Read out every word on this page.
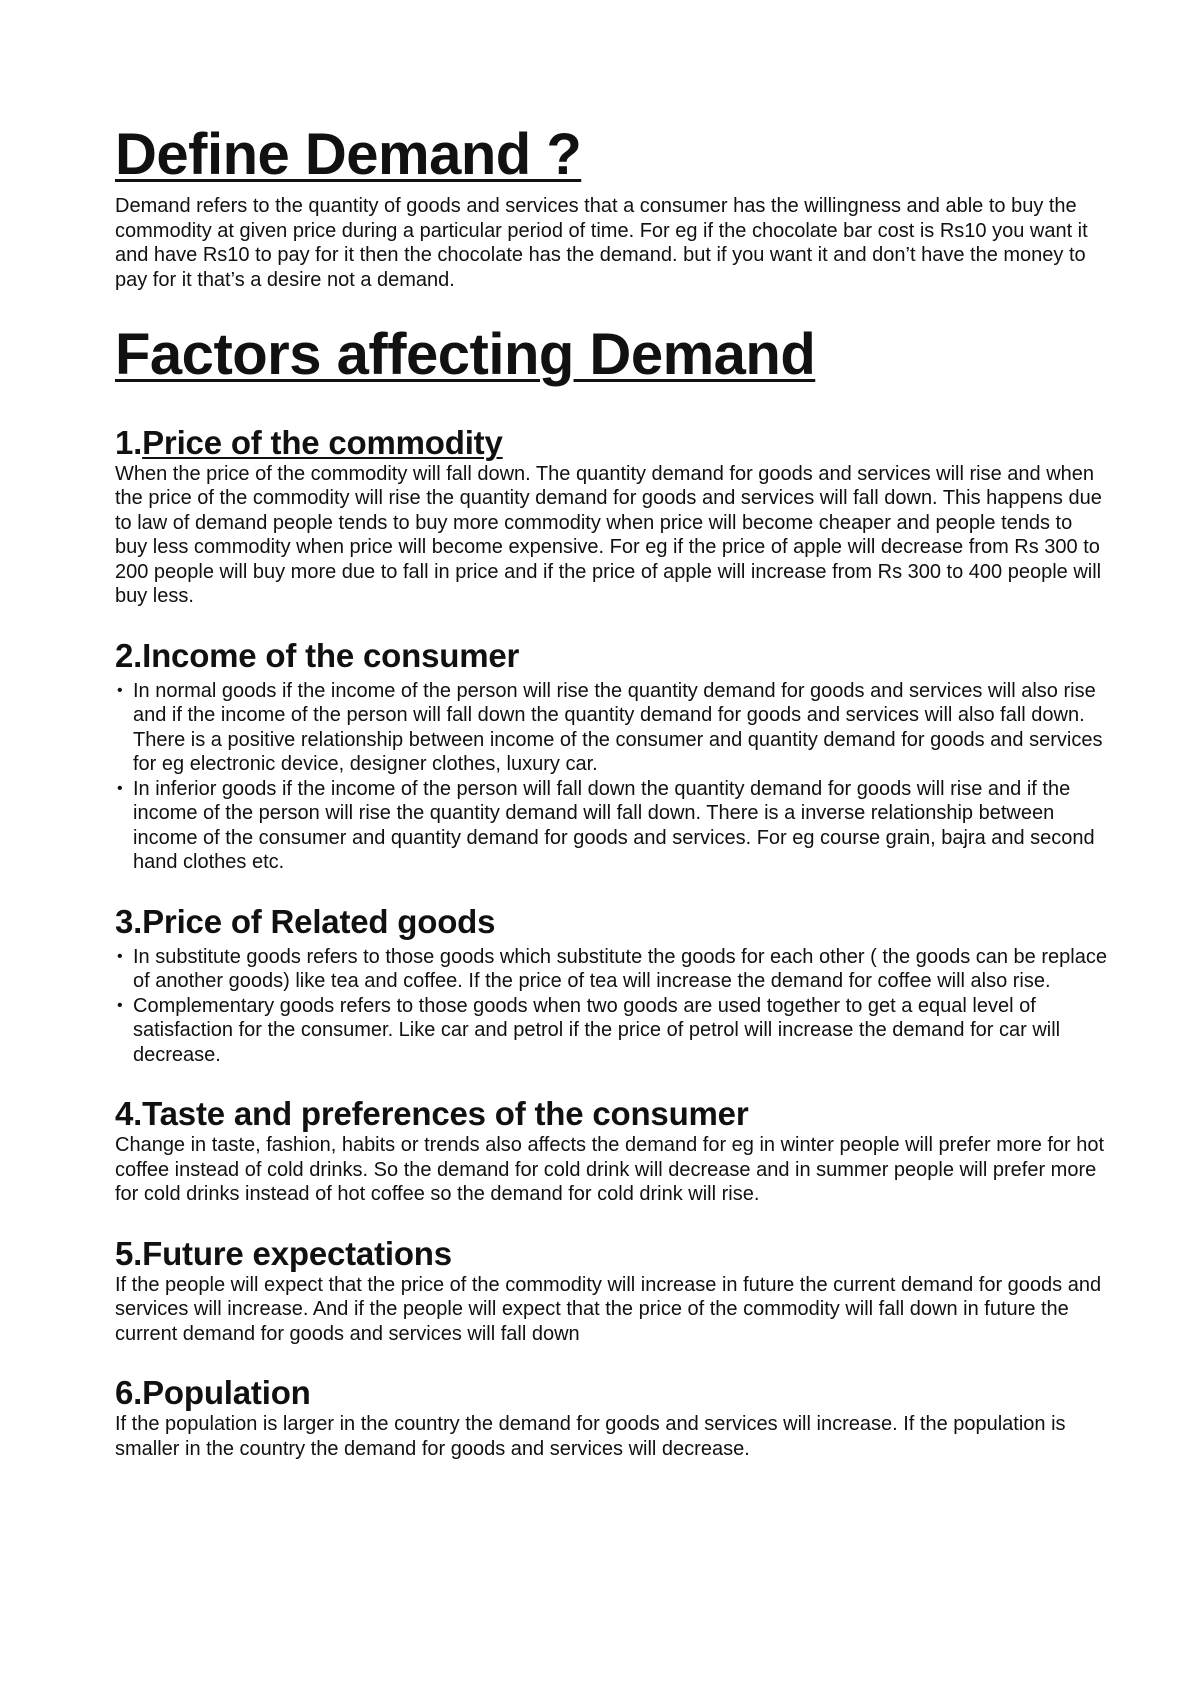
Define Demand ?

Demand refers to the quantity of goods and services that a consumer has the willingness and able to buy the commodity at given price during a particular period of time. For eg if the chocolate bar cost is Rs10 you want it and have Rs10 to pay for it then the chocolate has the demand. but if you want it and don’t have the money to pay for it that’s a desire not a demand.

Factors affecting Demand
1.Price of the commodity

When the price of the commodity will fall down. The quantity demand for goods and services will rise and when the price of the commodity will rise the quantity demand for goods and services will fall down. This happens due to law of demand people tends to buy more commodity when price will become cheaper and people tends to buy less commodity when price will become expensive. For eg if the price of apple will decrease from Rs 300 to 200 people will buy more due to fall in price and if the price of apple will increase from Rs 300 to 400 people will buy less.

2.Income of the consumer
• In normal goods if the income of the person will rise the quantity demand for goods and services will also rise and if the income of the person will fall down the quantity demand for goods and services will also fall down. There is a positive relationship between income of the consumer and quantity demand for goods and services for eg electronic device, designer clothes, luxury car.
• In inferior goods if the income of the person will fall down the quantity demand for goods will rise and if the income of the person will rise the quantity demand will fall down. There is a inverse relationship between income of the consumer and quantity demand for goods and services. For eg course grain, bajra and second hand clothes etc.
3.Price of Related goods
• In substitute goods refers to those goods which substitute the goods for each other ( the goods can be replace of another goods) like tea and coffee. If the price of tea will increase the demand for coffee will also rise.
• Complementary goods refers to those goods when two goods are used together to get a equal level of satisfaction for the consumer. Like car and petrol if the price of petrol will increase the demand for car will decrease.
4.Taste and preferences of the consumer

Change in taste, fashion, habits or trends also affects the demand for eg in winter people will prefer more for hot coffee instead of cold drinks. So the demand for cold drink will decrease and in summer people will prefer more for cold drinks instead of hot coffee so the demand for cold drink will rise.

5.Future expectations

If the people will expect that the price of the commodity will increase in future the current demand for goods and services will increase. And if the people will expect that the price of the commodity will fall down in future the current demand for goods and services will fall down

6.Population

If the population is larger in the country the demand for goods and services will increase. If the population is smaller in the country the demand for goods and services will decrease.
